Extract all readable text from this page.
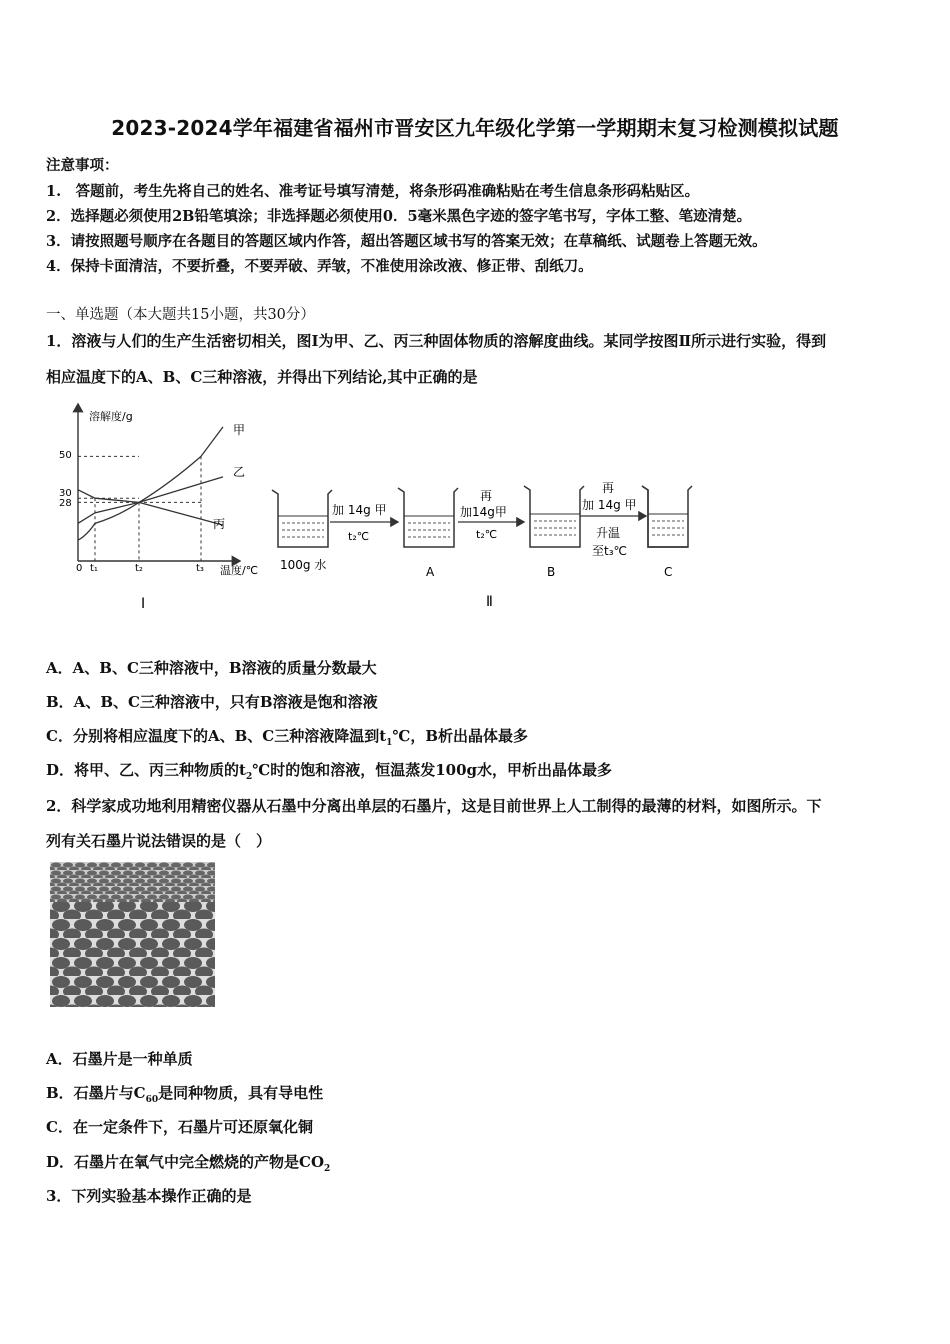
2023-2024学年福建省福州市晋安区九年级化学第一学期期末复习检测模拟试题
注意事项：
1.　答题前，考生先将自己的姓名、准考证号填写清楚，将条形码准确粘贴在考生信息条形码粘贴区。
2．选择题必须使用2B铅笔填涂；非选择题必须使用0．5毫米黑色字迹的签字笔书写，字体工整、笔迹清楚。
3．请按照题号顺序在各题目的答题区域内作答，超出答题区域书写的答案无效；在草稿纸、试题卷上答题无效。
4．保持卡面清洁，不要折叠，不要弄破、弄皱，不准使用涂改液、修正带、刮纸刀。
一、单选题（本大题共15小题，共30分）
1．溶液与人们的生产生活密切相关，图Ⅰ为甲、乙、丙三种固体物质的溶解度曲线。某同学按图Ⅱ所示进行实验，得到
相应温度下的A、B、C三种溶液，并得出下列结论,其中正确的是
溶解度/g
温度/℃
50
30
28
0 t₁	t₂	t₃
甲
乙
丙
Ⅰ
100g 水
加 14g 甲
t₂℃
A
再
加14g甲
t₂℃
B
再
加 14g 甲
升温
至t₃℃
C
Ⅱ
A．A、B、C三种溶液中，B溶液的质量分数最大
B．A、B、C三种溶液中，只有B溶液是饱和溶液
C．分别将相应温度下的A、B、C三种溶液降温到$t_1℃$，B析出晶体最多
D．将甲、乙、丙三种物质的$t_2℃$时的饱和溶液，恒温蒸发100g水，甲析出晶体最多
2．科学家成功地利用精密仪器从石墨中分离出单层的石墨片，这是目前世界上人工制得的最薄的材料，如图所示。下
列有关石墨片说法错误的是（　）
A．石墨片是一种单质
B．石墨片与$C_{60}$是同种物质，具有导电性
C．在一定条件下，石墨片可还原氧化铜
D．石墨片在氧气中完全燃烧的产物是$CO_2$
3．下列实验基本操作正确的是
